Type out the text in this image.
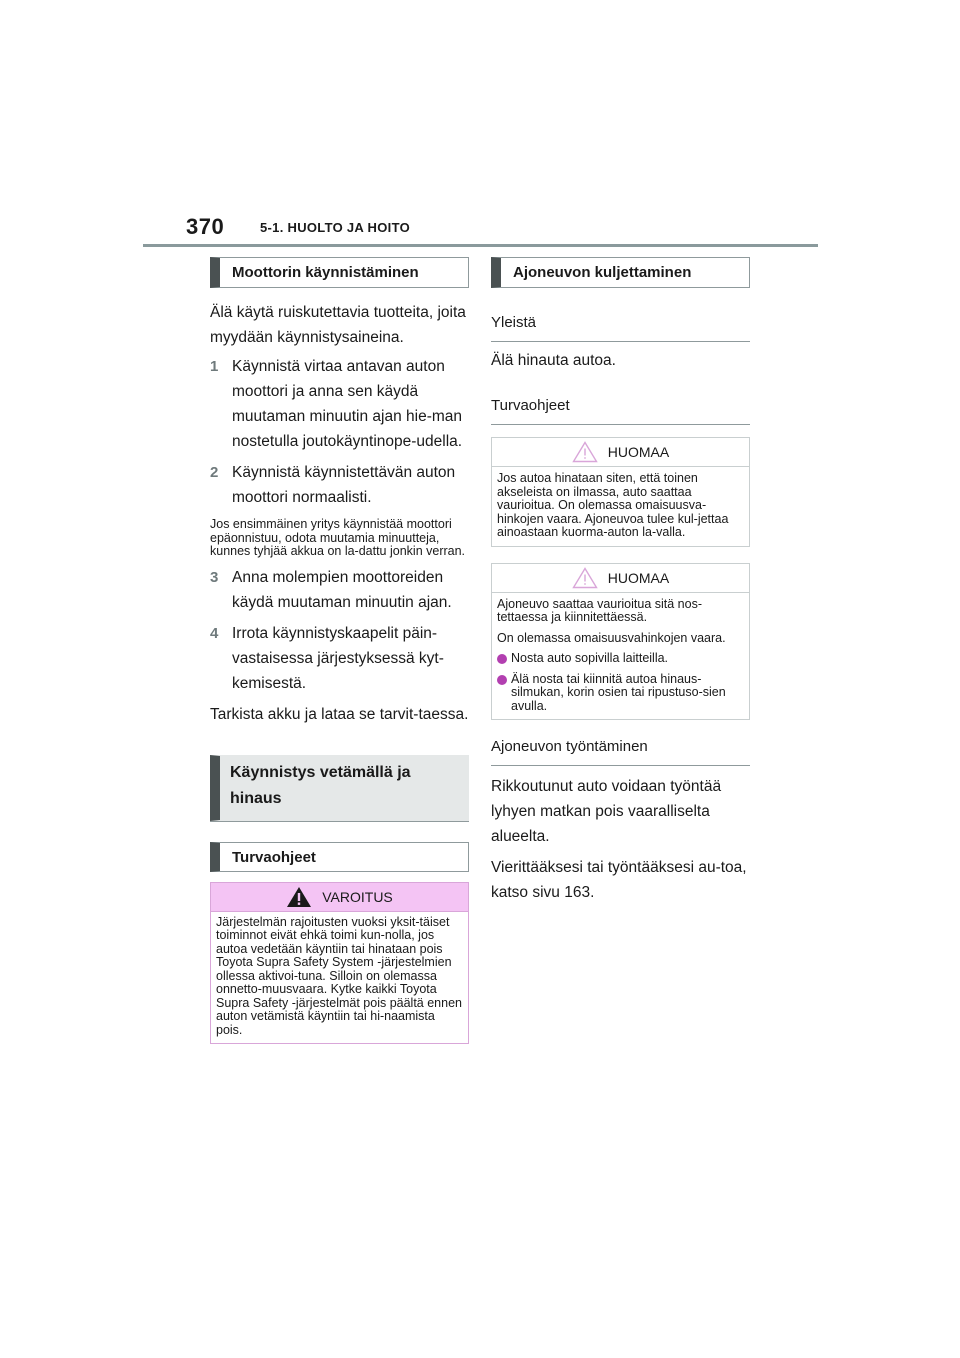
370	5-1. HUOLTO JA HOITO
Moottorin käynnistäminen

Älä käytä ruiskutettavia tuotteita, joita myydään käynnistysaineina.

1 Käynnistä virtaa antavan auton moottori ja anna sen käydä muutaman minuutin ajan hie-man nostetulla joutokäyntinope-udella.
2 Käynnistä käynnistettävän auton moottori normaalisti.

Jos ensimmäinen yritys käynnistää moottori epäonnistuu, odota muutamia minuutteja, kunnes tyhjää akkua on la-dattu jonkin verran.

3 Anna molempien moottoreiden käydä muutaman minuutin ajan.
4 Irrota käynnistyskaapelit päin-vastaisessa järjestyksessä kyt-kemisestä.

Tarkista akku ja lataa se tarvit-taessa.

Käynnistys vetämällä ja hinaus
Turvaohjeet
VAROITUS

Järjestelmän rajoitusten vuoksi yksit-täiset toiminnot eivät ehkä toimi kun-nolla, jos autoa vedetään käyntiin tai hinataan pois Toyota Supra Safety System -järjestelmien ollessa aktivoi-tuna. Silloin on olemassa onnetto-muusvaara. Kytke kaikki Toyota Supra Safety -järjestelmät pois päältä ennen auton vetämistä käyntiin tai hi-naamista pois.

Ajoneuvon kuljettaminen
Yleistä

Älä hinauta autoa.

Turvaohjeet
HUOMAA

Jos autoa hinataan siten, että toinen akseleista on ilmassa, auto saattaa vaurioitua. On olemassa omaisuusva-hinkojen vaara. Ajoneuvoa tulee kul-jettaa ainoastaan kuorma-auton la-valla.

HUOMAA

Ajoneuvo saattaa vaurioitua sitä nos-tettaessa ja kiinnitettäessä.

On olemassa omaisuusvahinkojen vaara.

Nosta auto sopivilla laitteilla.
Älä nosta tai kiinnitä autoa hinaus-silmukan, korin osien tai ripustuso-sien avulla.
Ajoneuvon työntäminen

Rikkoutunut auto voidaan työntää lyhyen matkan pois vaaralliselta alueelta.

Vierittääksesi tai työntääksesi au-toa, katso sivu 163.
